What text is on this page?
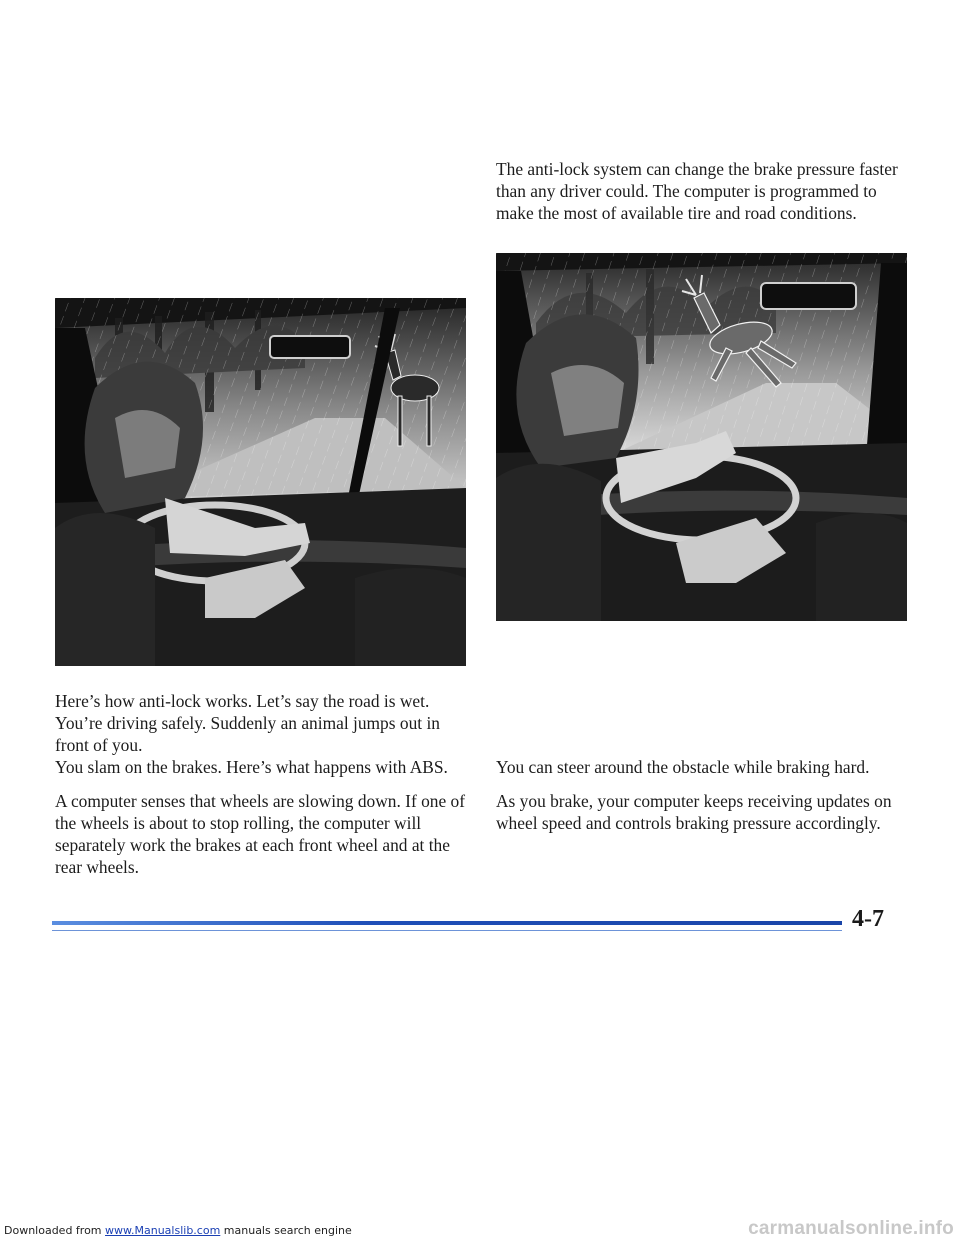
Here’s how anti-lock works. Let’s say the road is wet. You’re driving safely. Suddenly an animal jumps out in front of you.

You slam on the brakes. Here’s what happens with ABS.

A computer senses that wheels are slowing down. If one of the wheels is about to stop rolling, the computer will separately work the brakes at each front wheel and at the rear wheels.

The anti-lock system can change the brake pressure faster than any driver could. The computer is programmed to make the most of available tire and road conditions.

You can steer around the obstacle while braking hard.

As you brake, your computer keeps receiving updates on wheel speed and controls braking pressure accordingly.

4-7
Downloaded from www.Manualslib.com manuals search engine	carmanualsonline.info
